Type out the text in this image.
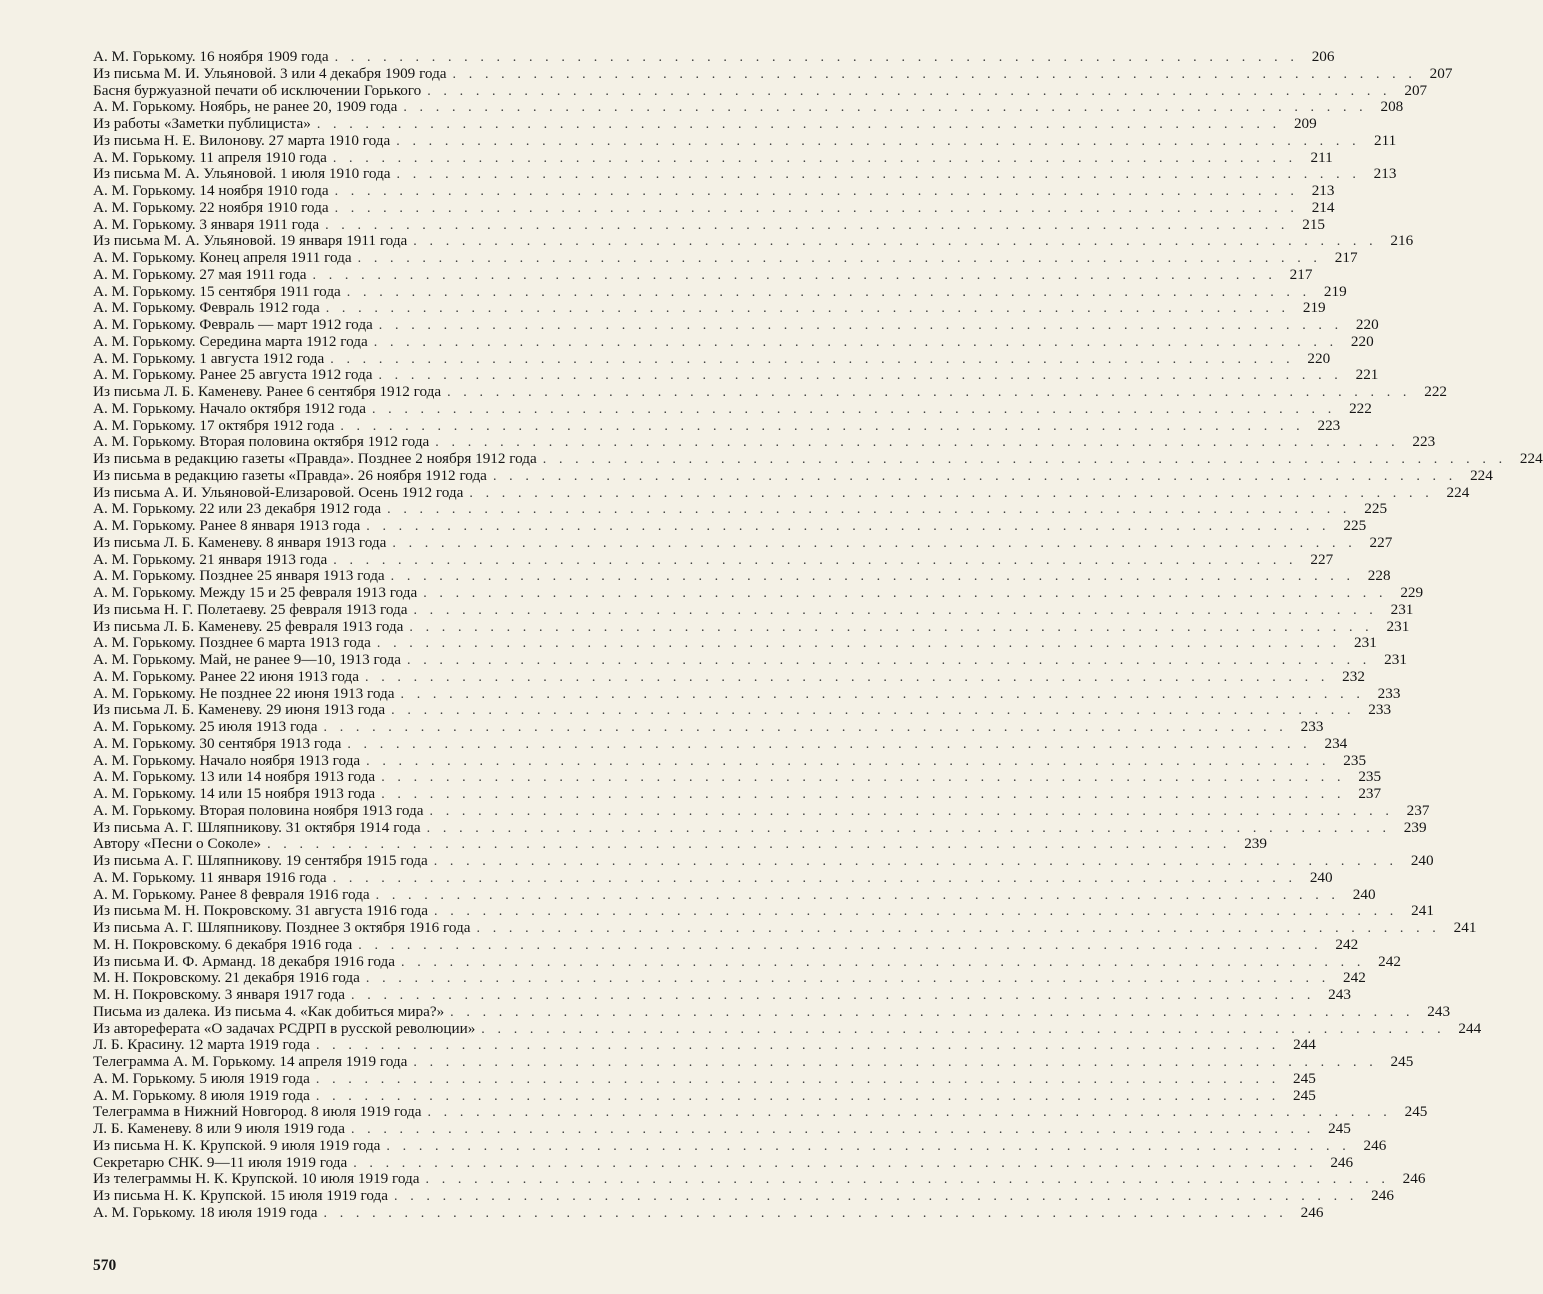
А. М. Горькому. 16 ноября 1909 года . . .	206
Из письма М. И. Ульяновой. 3 или 4 декабря 1909 года . . .	207
Басня буржуазной печати об исключении Горького . . .	207
А. М. Горькому. Ноябрь, не ранее 20, 1909 года . . .	208
Из работы «Заметки публициста» . . .	209
Из письма Н. Е. Вилонову. 27 марта 1910 года . . .	211
А. М. Горькому. 11 апреля 1910 года . . .	211
Из письма М. А. Ульяновой. 1 июля 1910 года . . .	213
А. М. Горькому. 14 ноября 1910 года . . .	213
А. М. Горькому. 22 ноября 1910 года . . .	214
А. М. Горькому. 3 января 1911 года . . .	215
Из письма М. А. Ульяновой. 19 января 1911 года . . .	216
А. М. Горькому. Конец апреля 1911 года . . .	217
А. М. Горькому. 27 мая 1911 года . . .	217
А. М. Горькому. 15 сентября 1911 года . . .	219
А. М. Горькому. Февраль 1912 года . . .	219
А. М. Горькому. Февраль — март 1912 года . . .	220
А. М. Горькому. Середина марта 1912 года . . .	220
А. М. Горькому. 1 августа 1912 года . . .	220
А. М. Горькому. Ранее 25 августа 1912 года . . .	221
Из письма Л. Б. Каменеву. Ранее 6 сентября 1912 года . . .	222
А. М. Горькому. Начало октября 1912 года . . .	222
А. М. Горькому. 17 октября 1912 года . . .	223
А. М. Горькому. Вторая половина октября 1912 года . . .	223
Из письма в редакцию газеты «Правда». Позднее 2 ноября 1912 года . . .	224
Из письма в редакцию газеты «Правда». 26 ноября 1912 года . . .	224
Из письма А. И. Ульяновой-Елизаровой. Осень 1912 года . . .	224
А. М. Горькому. 22 или 23 декабря 1912 года . . .	225
А. М. Горькому. Ранее 8 января 1913 года . . .	225
Из письма Л. Б. Каменеву. 8 января 1913 года . . .	227
А. М. Горькому. 21 января 1913 года . . .	227
А. М. Горькому. Позднее 25 января 1913 года . . .	228
А. М. Горькому. Между 15 и 25 февраля 1913 года . . .	229
Из письма Н. Г. Полетаеву. 25 февраля 1913 года . . .	231
Из письма Л. Б. Каменеву. 25 февраля 1913 года . . .	231
А. М. Горькому. Позднее 6 марта 1913 года . . .	231
А. М. Горькому. Май, не ранее 9—10, 1913 года . . .	231
А. М. Горькому. Ранее 22 июня 1913 года . . .	232
А. М. Горькому. Не позднее 22 июня 1913 года . . .	233
Из письма Л. Б. Каменеву. 29 июня 1913 года . . .	233
А. М. Горькому. 25 июля 1913 года . . .	233
А. М. Горькому. 30 сентября 1913 года . . .	234
А. М. Горькому. Начало ноября 1913 года . . .	235
А. М. Горькому. 13 или 14 ноября 1913 года . . .	235
А. М. Горькому. 14 или 15 ноября 1913 года . . .	237
А. М. Горькому. Вторая половина ноября 1913 года . . .	237
Из письма А. Г. Шляпникову. 31 октября 1914 года . . .	239
Автору «Песни о Соколе» . . .	239
Из письма А. Г. Шляпникову. 19 сентября 1915 года . . .	240
А. М. Горькому. 11 января 1916 года . . .	240
А. М. Горькому. Ранее 8 февраля 1916 года . . .	240
Из письма М. Н. Покровскому. 31 августа 1916 года . . .	241
Из письма А. Г. Шляпникову. Позднее 3 октября 1916 года . . .	241
М. Н. Покровскому. 6 декабря 1916 года . . .	242
Из письма И. Ф. Арманд. 18 декабря 1916 года . . .	242
М. Н. Покровскому. 21 декабря 1916 года . . .	242
М. Н. Покровскому. 3 января 1917 года . . .	243
Письма из далека. Из письма 4. «Как добиться мира?» . . .	243
Из автореферата «О задачах РСДРП в русской революции» . . .	244
Л. Б. Красину. 12 марта 1919 года . . .	244
Телеграмма А. М. Горькому. 14 апреля 1919 года . . .	245
А. М. Горькому. 5 июля 1919 года . . .	245
А. М. Горькому. 8 июля 1919 года . . .	245
Телеграмма в Нижний Новгород. 8 июля 1919 года . . .	245
Л. Б. Каменеву. 8 или 9 июля 1919 года . . .	245
Из письма Н. К. Крупской. 9 июля 1919 года . . .	246
Секретарю СНК. 9—11 июля 1919 года . . .	246
Из телеграммы Н. К. Крупской. 10 июля 1919 года . . .	246
Из письма Н. К. Крупской. 15 июля 1919 года . . .	246
А. М. Горькому. 18 июля 1919 года . . .	246
570
